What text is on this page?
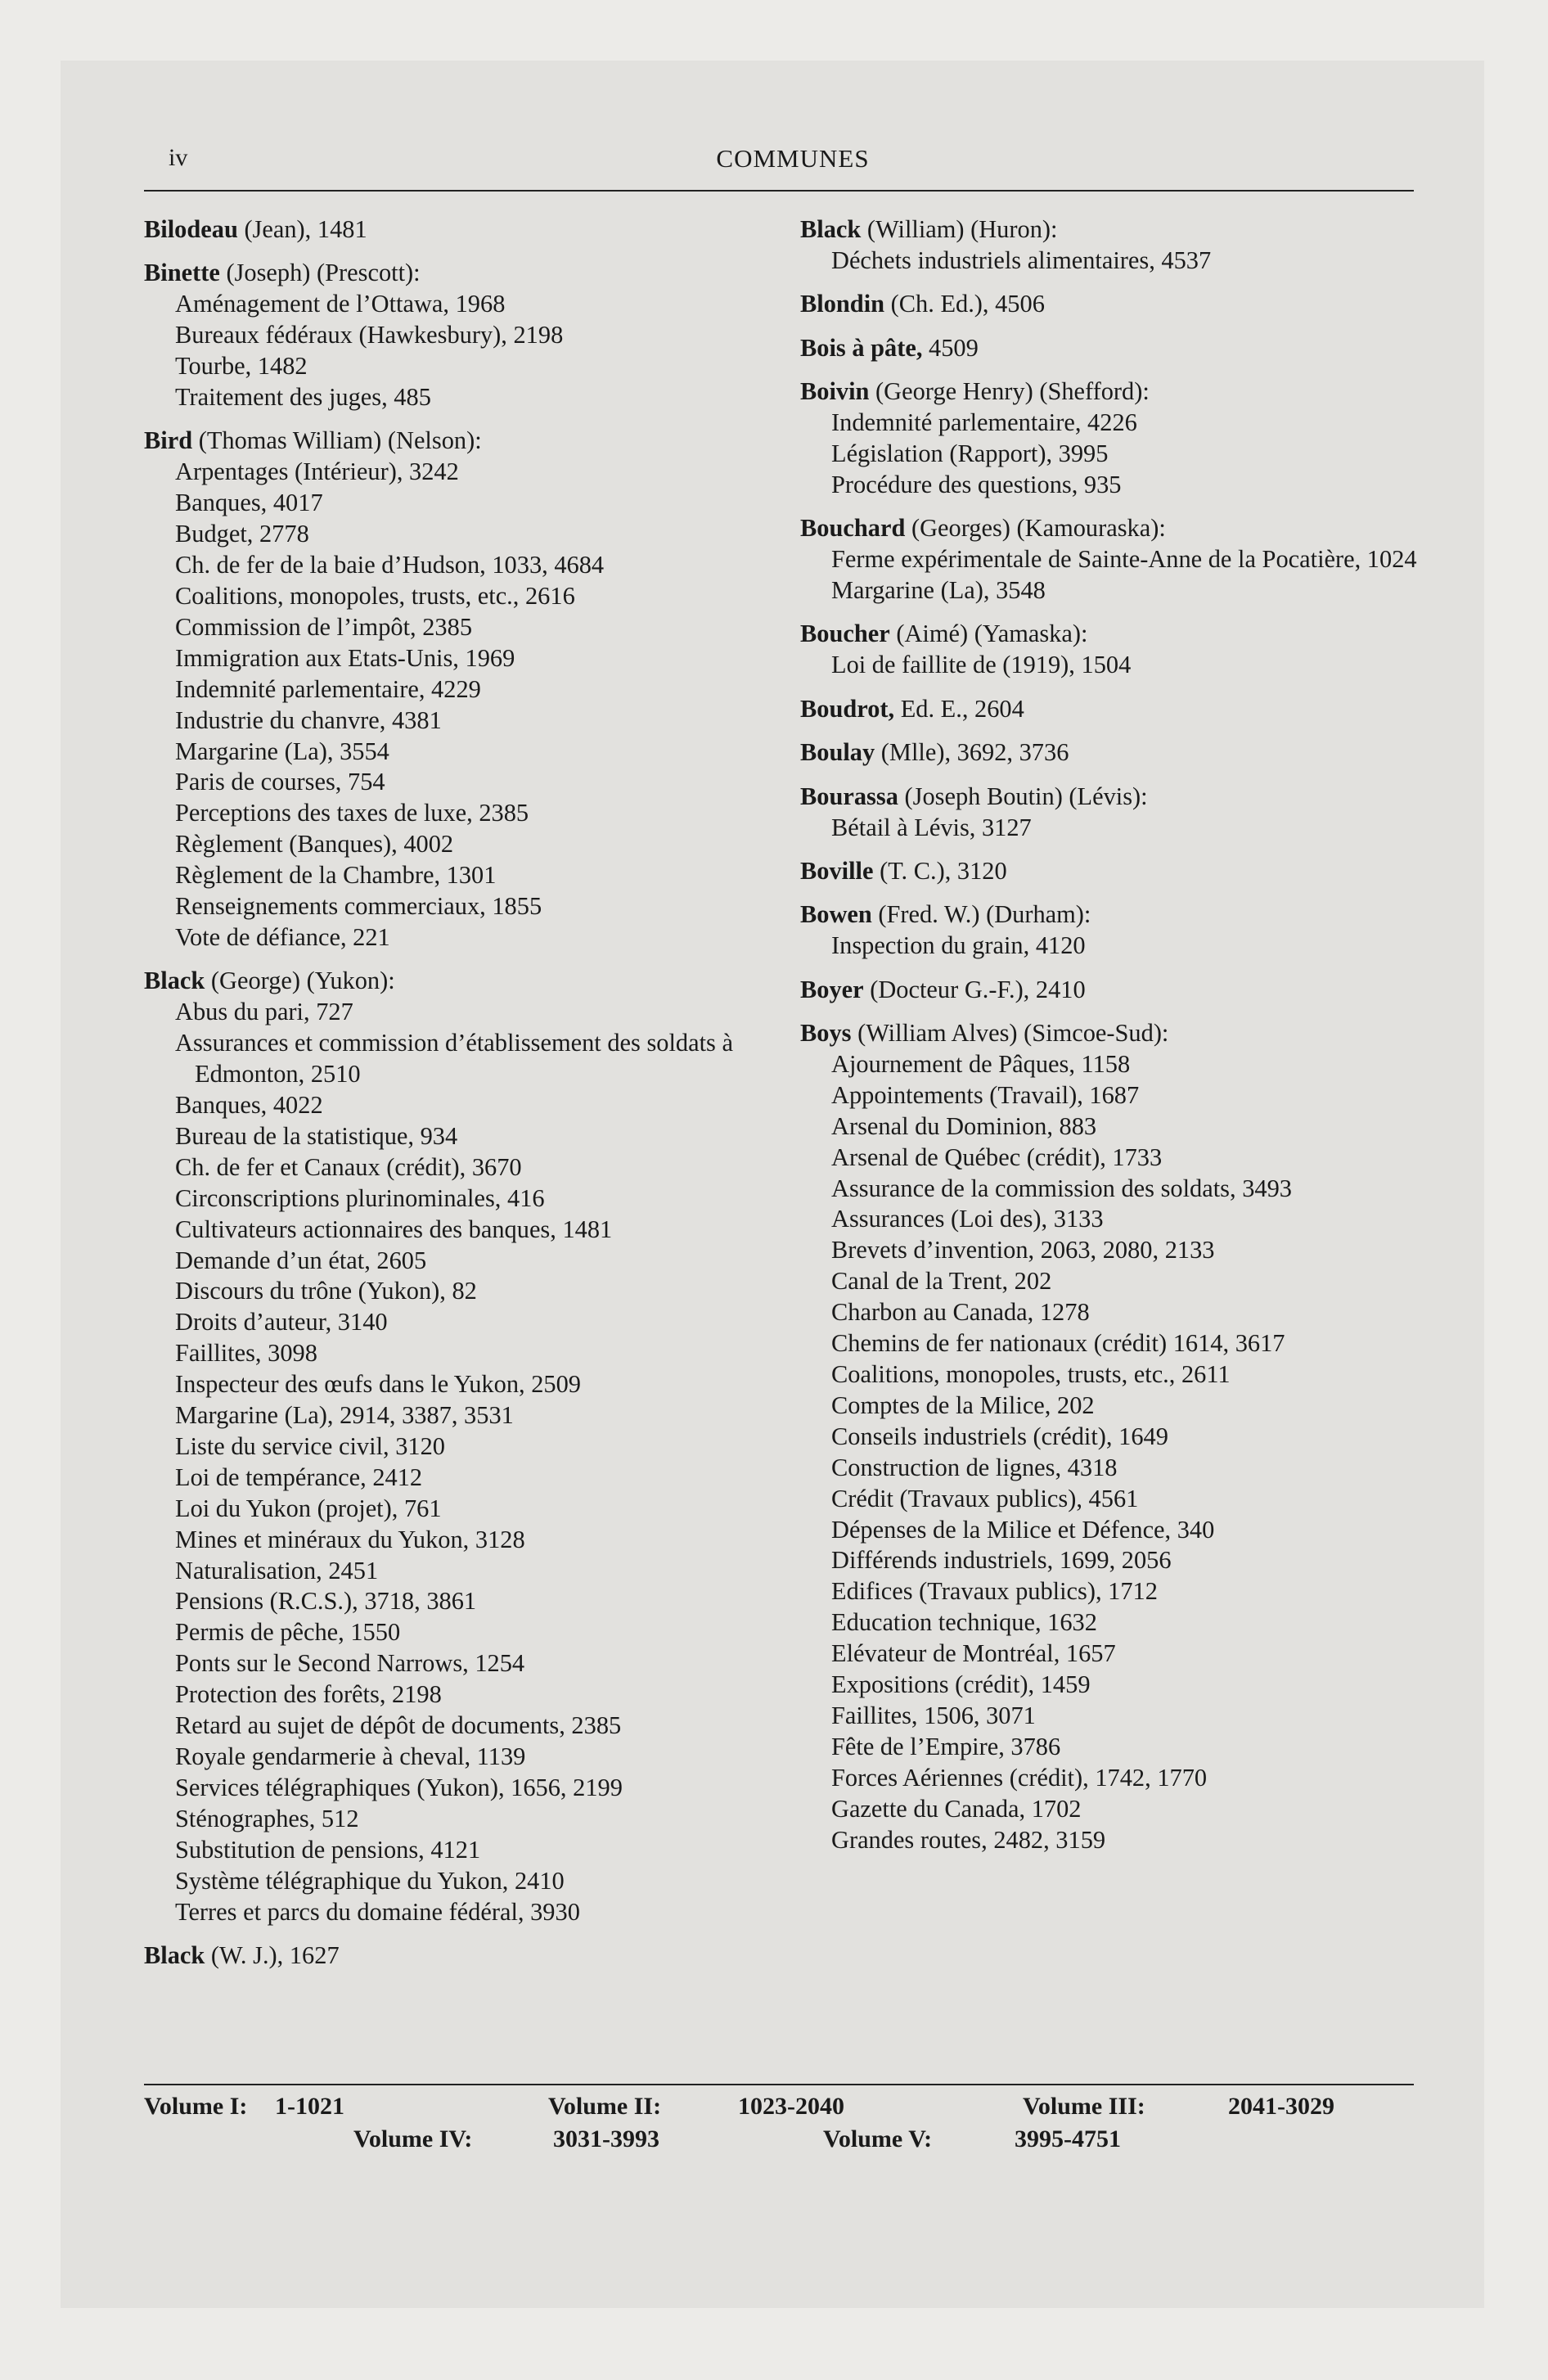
iv	COMMUNES
Bilodeau (Jean), 1481
Binette (Joseph) (Prescott):
Aménagement de l’Ottawa, 1968
Bureaux fédéraux (Hawkesbury), 2198
Tourbe, 1482
Traitement des juges, 485
Bird (Thomas William) (Nelson):
Arpentages (Intérieur), 3242
Banques, 4017
Budget, 2778
Ch. de fer de la baie d’Hudson, 1033, 4684
Coalitions, monopoles, trusts, etc., 2616
Commission de l’impôt, 2385
Immigration aux Etats-Unis, 1969
Indemnité parlementaire, 4229
Industrie du chanvre, 4381
Margarine (La), 3554
Paris de courses, 754
Perceptions des taxes de luxe, 2385
Règlement (Banques), 4002
Règlement de la Chambre, 1301
Renseignements commerciaux, 1855
Vote de défiance, 221
Black (George) (Yukon):
Abus du pari, 727
Assurances et commission d’établissement des soldats à Edmonton, 2510
Banques, 4022
Bureau de la statistique, 934
Ch. de fer et Canaux (crédit), 3670
Circonscriptions plurinominales, 416
Cultivateurs actionnaires des banques, 1481
Demande d’un état, 2605
Discours du trône (Yukon), 82
Droits d’auteur, 3140
Faillites, 3098
Inspecteur des œufs dans le Yukon, 2509
Margarine (La), 2914, 3387, 3531
Liste du service civil, 3120
Loi de tempérance, 2412
Loi du Yukon (projet), 761
Mines et minéraux du Yukon, 3128
Naturalisation, 2451
Pensions (R.C.S.), 3718, 3861
Permis de pêche, 1550
Ponts sur le Second Narrows, 1254
Protection des forêts, 2198
Retard au sujet de dépôt de documents, 2385
Royale gendarmerie à cheval, 1139
Services télégraphiques (Yukon), 1656, 2199
Sténographes, 512
Substitution de pensions, 4121
Système télégraphique du Yukon, 2410
Terres et parcs du domaine fédéral, 3930
Black (W. J.), 1627
Black (William) (Huron):
Déchets industriels alimentaires, 4537
Blondin (Ch. Ed.), 4506
Bois à pâte, 4509
Boivin (George Henry) (Shefford):
Indemnité parlementaire, 4226
Législation (Rapport), 3995
Procédure des questions, 935
Bouchard (Georges) (Kamouraska):
Ferme expérimentale de Sainte-Anne de la Pocatière, 1024
Margarine (La), 3548
Boucher (Aimé) (Yamaska):
Loi de faillite de (1919), 1504
Boudrot, Ed. E., 2604
Boulay (Mlle), 3692, 3736
Bourassa (Joseph Boutin) (Lévis):
Bétail à Lévis, 3127
Boville (T. C.), 3120
Bowen (Fred. W.) (Durham):
Inspection du grain, 4120
Boyer (Docteur G.-F.), 2410
Boys (William Alves) (Simcoe-Sud):
Ajournement de Pâques, 1158
Appointements (Travail), 1687
Arsenal du Dominion, 883
Arsenal de Québec (crédit), 1733
Assurance de la commission des soldats, 3493
Assurances (Loi des), 3133
Brevets d’invention, 2063, 2080, 2133
Canal de la Trent, 202
Charbon au Canada, 1278
Chemins de fer nationaux (crédit) 1614, 3617
Coalitions, monopoles, trusts, etc., 2611
Comptes de la Milice, 202
Conseils industriels (crédit), 1649
Construction de lignes, 4318
Crédit (Travaux publics), 4561
Dépenses de la Milice et Défence, 340
Différends industriels, 1699, 2056
Edifices (Travaux publics), 1712
Education technique, 1632
Elévateur de Montréal, 1657
Expositions (crédit), 1459
Faillites, 1506, 3071
Fête de l’Empire, 3786
Forces Aériennes (crédit), 1742, 1770
Gazette du Canada, 1702
Grandes routes, 2482, 3159
Volume I: 1-1021	Volume II:	1023-2040	Volume III:	2041-3029
Volume IV:	3031-3993	Volume V:	3995-4751
